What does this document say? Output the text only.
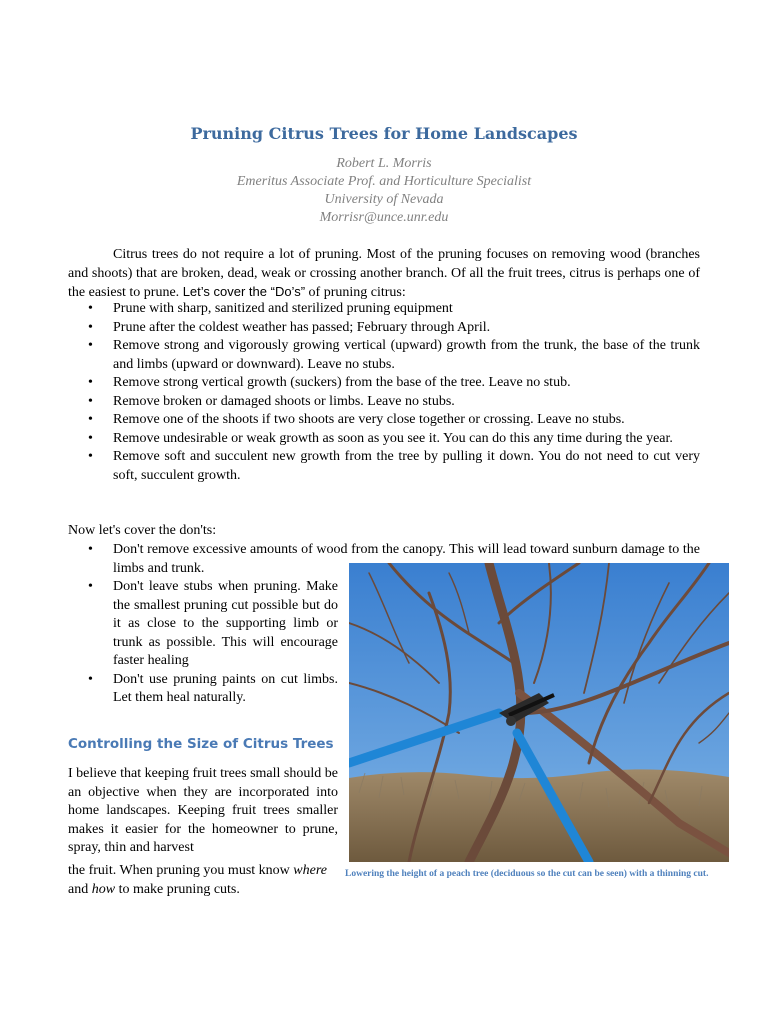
Pruning Citrus Trees for Home Landscapes
Robert L. Morris
Emeritus Associate Prof. and Horticulture Specialist
University of Nevada
Morrisr@unce.unr.edu

Citrus trees do not require a lot of pruning. Most of the pruning focuses on removing wood (branches and shoots) that are broken, dead, weak or crossing another branch. Of all the fruit trees, citrus is perhaps one of the easiest to prune. Let’s cover the “Do’s” of pruning citrus:

• Prune with sharp, sanitized and sterilized pruning equipment
• Prune after the coldest weather has passed; February through April.
• Remove strong and vigorously growing vertical (upward) growth from the trunk, the base of the trunk and limbs (upward or downward). Leave no stubs.
• Remove strong vertical growth (suckers) from the base of the tree. Leave no stub.
• Remove broken or damaged shoots or limbs. Leave no stubs.
• Remove one of the shoots if two shoots are very close together or crossing. Leave no stubs.
• Remove undesirable or weak growth as soon as you see it. You can do this any time during the year.
• Remove soft and succulent new growth from the tree by pulling it down. You do not need to cut very soft, succulent growth.

Now let's cover the don'ts:

• Don't remove excessive amounts of wood from the canopy. This will lead toward sunburn damage to the limbs and trunk.
• Don't leave stubs when pruning. Make the smallest pruning cut possible but do it as close to the supporting limb or trunk as possible. This will encourage faster healing
• Don't use pruning paints on cut limbs. Let them heal naturally.
Controlling the Size of Citrus Trees

I believe that keeping fruit trees small should be an objective when they are incorporated into home landscapes. Keeping fruit trees smaller makes it easier for the homeowner to prune, spray, thin and harvest

the fruit. When pruning you must know where and how to make pruning cuts.

Lowering the height of a peach tree (deciduous so the cut can be seen) with a thinning cut.
